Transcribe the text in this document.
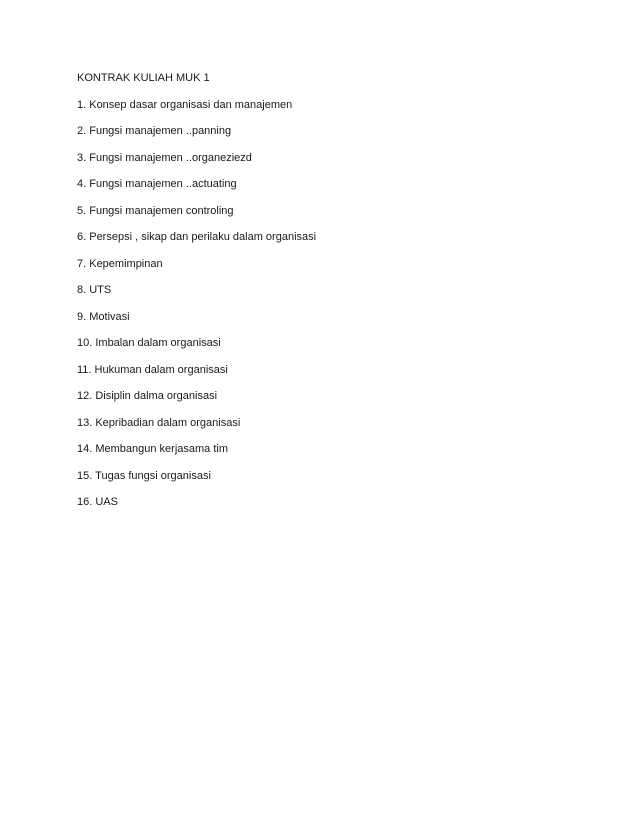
KONTRAK KULIAH MUK 1
1. Konsep dasar organisasi dan manajemen
2. Fungsi manajemen ..panning
3. Fungsi manajemen ..organeziezd
4. Fungsi manajemen ..actuating
5. Fungsi manajemen controling
6. Persepsi , sikap dan perilaku dalam organisasi
7. Kepemimpinan
8. UTS
9. Motivasi
10. Imbalan dalam organisasi
11. Hukuman dalam organisasi
12. Disiplin dalma organisasi
13. Kepribadian dalam organisasi
14. Membangun kerjasama tim
15. Tugas fungsi organisasi
16. UAS
